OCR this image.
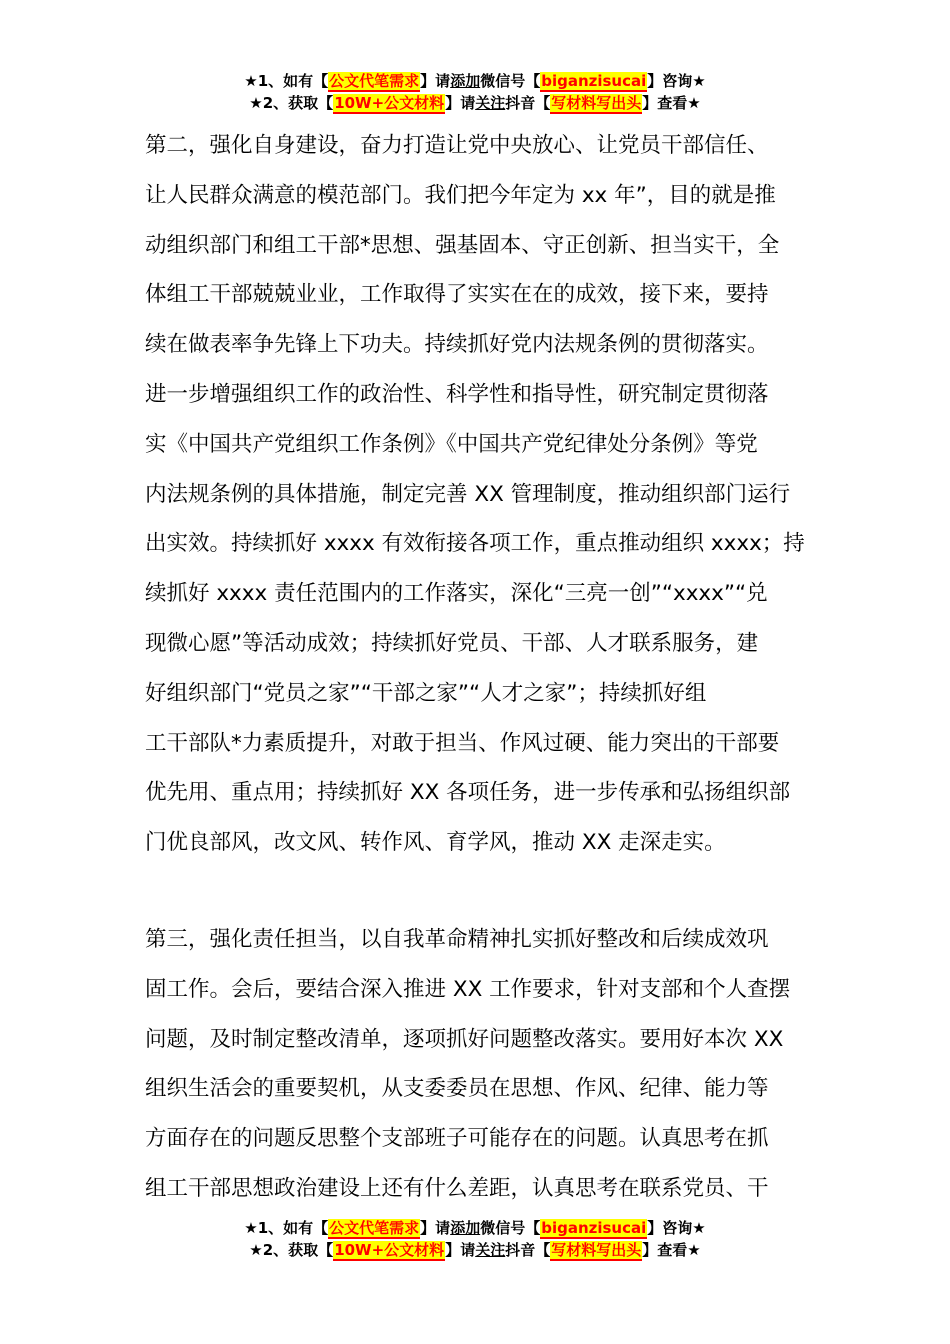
★1、如有【公文代笔需求】请添加微信号【biganzisucai】咨询★
★2、获取【10W+公文材料】请关注抖音【写材料写出头】查看★
第二，强化自身建设，奋力打造让党中央放心、让党员干部信任、
让人民群众满意的模范部门。我们把今年定为 xx 年”，目的就是推
动组织部门和组工干部*思想、强基固本、守正创新、担当实干，全
体组工干部兢兢业业，工作取得了实实在在的成效，接下来，要持
续在做表率争先锋上下功夫。持续抓好党内法规条例的贯彻落实。
进一步增强组织工作的政治性、科学性和指导性，研究制定贯彻落
实《中国共产党组织工作条例》《中国共产党纪律处分条例》等党
内法规条例的具体措施，制定完善 XX 管理制度，推动组织部门运行
出实效。持续抓好 xxxx 有效衔接各项工作，重点推动组织 xxxx；持
续抓好 xxxx 责任范围内的工作落实，深化“三亮一创”“xxxx”“兑
现微心愿”等活动成效；持续抓好党员、干部、人才联系服务，建
好组织部门“党员之家”“干部之家”“人才之家”；持续抓好组
工干部队*力素质提升，对敢于担当、作风过硬、能力突出的干部要
优先用、重点用；持续抓好 XX 各项任务，进一步传承和弘扬组织部
门优良部风，改文风、转作风、育学风，推动 XX 走深走实。
第三，强化责任担当，以自我革命精神扎实抓好整改和后续成效巩
固工作。会后，要结合深入推进 XX 工作要求，针对支部和个人查摆
问题，及时制定整改清单，逐项抓好问题整改落实。要用好本次 XX
组织生活会的重要契机，从支委委员在思想、作风、纪律、能力等
方面存在的问题反思整个支部班子可能存在的问题。认真思考在抓
组工干部思想政治建设上还有什么差距，认真思考在联系党员、干
★1、如有【公文代笔需求】请添加微信号【biganzisucai】咨询★
★2、获取【10W+公文材料】请关注抖音【写材料写出头】查看★
